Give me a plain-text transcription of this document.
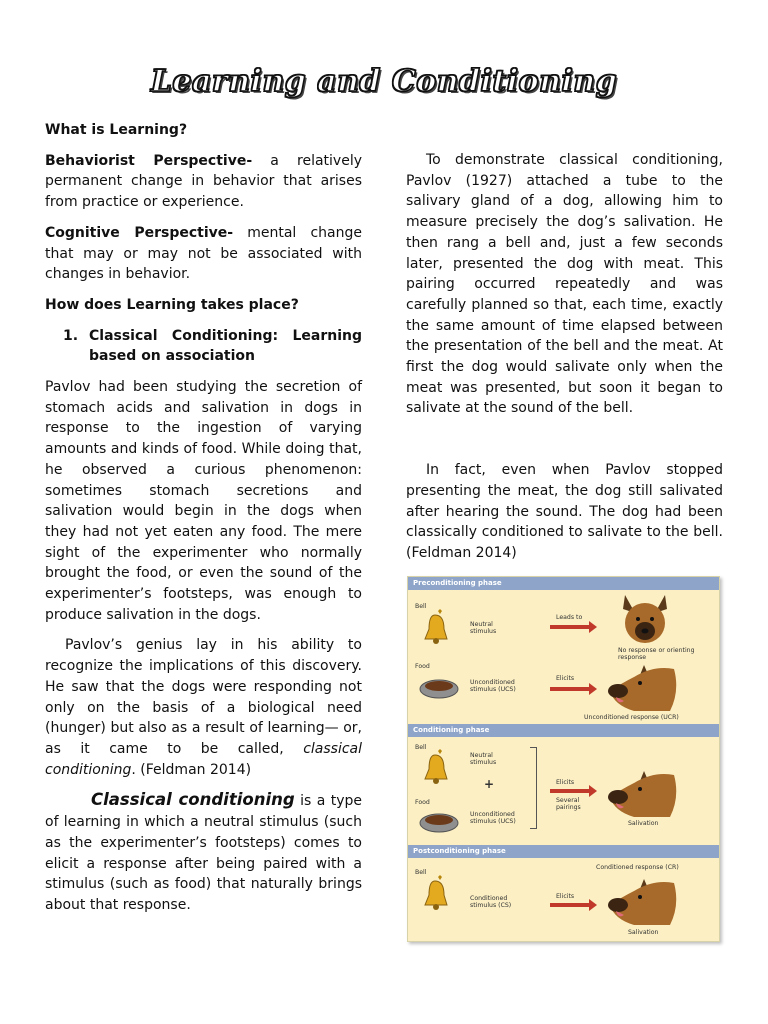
Learning and Conditioning
What is Learning?

Behaviorist Perspective- a relatively permanent change in behavior that arises from practice or experience.

Cognitive Perspective- mental change that may or may not be associated with changes in behavior.

How does Learning takes place?
1. Classical Conditioning: Learning based on association

Pavlov had been studying the secretion of stomach acids and salivation in dogs in response to the ingestion of varying amounts and kinds of food. While doing that, he observed a curious phenomenon: sometimes stomach secretions and salivation would begin in the dogs when they had not yet eaten any food. The mere sight of the experimenter who normally brought the food, or even the sound of the experimenter’s footsteps, was enough to produce salivation in the dogs.

Pavlov’s genius lay in his ability to recognize the implications of this discovery. He saw that the dogs were responding not only on the basis of a biological need (hunger) but also as a result of learning— or, as it came to be called, classical conditioning. (Feldman 2014)

Classical conditioning is a type of learning in which a neutral stimulus (such as the experimenter’s footsteps) comes to elicit a response after being paired with a stimulus (such as food) that naturally brings about that response.

To demonstrate classical conditioning, Pavlov (1927) attached a tube to the salivary gland of a dog, allowing him to measure precisely the dog’s salivation. He then rang a bell and, just a few seconds later, presented the dog with meat. This pairing occurred repeatedly and was carefully planned so that, each time, exactly the same amount of time elapsed between the presentation of the bell and the meat. At first the dog would salivate only when the meat was presented, but soon it began to salivate at the sound of the bell.

In fact, even when Pavlov stopped presenting the meat, the dog still salivated after hearing the sound. The dog had been classically conditioned to salivate to the bell. (Feldman 2014)

Preconditioning phase
Bell
Neutral stimulus
Leads to
No response or orienting response
Food
Unconditioned stimulus (UCS)
Elicits
Unconditioned response (UCR)
Conditioning phase
Bell
Neutral stimulus
+
Food
Unconditioned stimulus (UCS)
Elicits
Several pairings
Salivation
Postconditioning phase
Conditioned response (CR)
Bell
Conditioned stimulus (CS)
Elicits
Salivation
